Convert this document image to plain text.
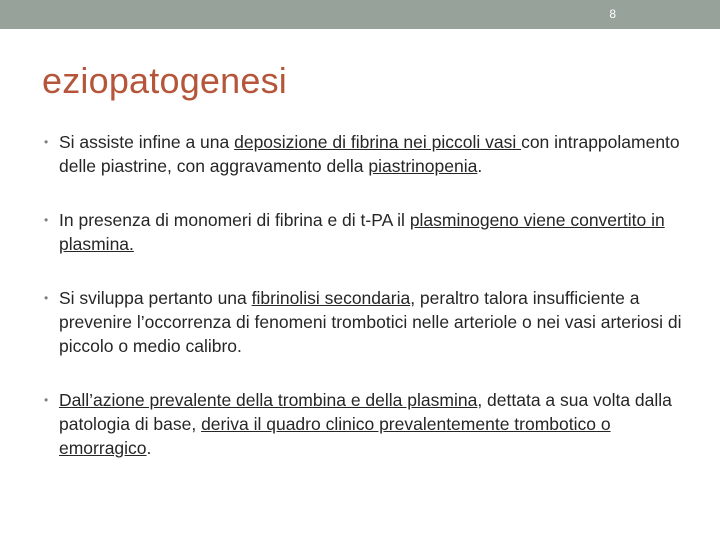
8
eziopatogenesi
• Si assiste infine a una deposizione di fibrina nei piccoli vasi con intrappolamento delle piastrine, con aggravamento della piastrinopenia.
• In presenza di monomeri di fibrina e di t-PA il plasminogeno viene convertito in plasmina.
• Si sviluppa pertanto una fibrinolisi secondaria, peraltro talora insufficiente a prevenire l’occorrenza di fenomeni trombotici nelle arteriole o nei vasi arteriosi di piccolo o medio calibro.
• Dall’azione prevalente della trombina e della plasmina, dettata a sua volta dalla patologia di base, deriva il quadro clinico prevalentemente trombotico o emorragico.
